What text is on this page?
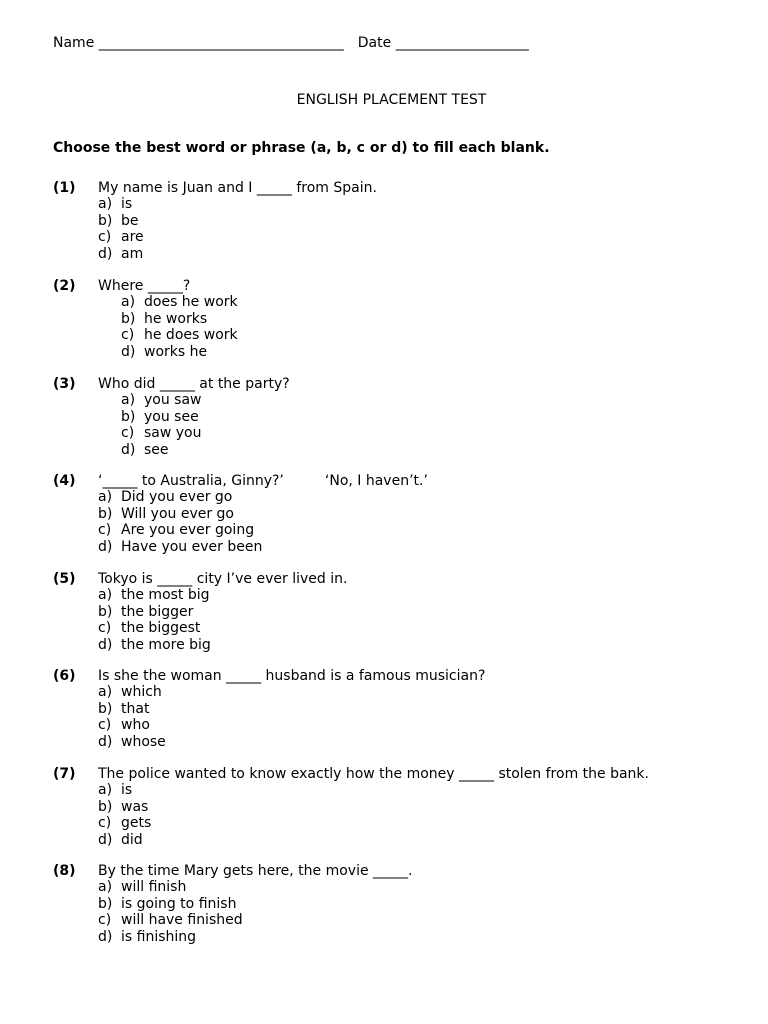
Name ___________________________________ Date ___________________
ENGLISH PLACEMENT TEST
Choose the best word or phrase (a, b, c or d) to fill each blank.
(1) My name is Juan and I _____ from Spain.
a) is
b) be
c) are
d) am
(2) Where _____?
a) does he work
b) he works
c) he does work
d) works he
(3) Who did _____ at the party?
a) you saw
b) you see
c) saw you
d) see
(4) ‘_____ to Australia, Ginny?’	‘No, I haven’t.’
a) Did you ever go
b) Will you ever go
c) Are you ever going
d) Have you ever been
(5) Tokyo is _____ city I’ve ever lived in.
a) the most big
b) the bigger
c) the biggest
d) the more big
(6) Is she the woman _____ husband is a famous musician?
a) which
b) that
c) who
d) whose
(7) The police wanted to know exactly how the money _____ stolen from the bank.
a) is
b) was
c) gets
d) did
(8) By the time Mary gets here, the movie _____.
a) will finish
b) is going to finish
c) will have finished
d) is finishing
